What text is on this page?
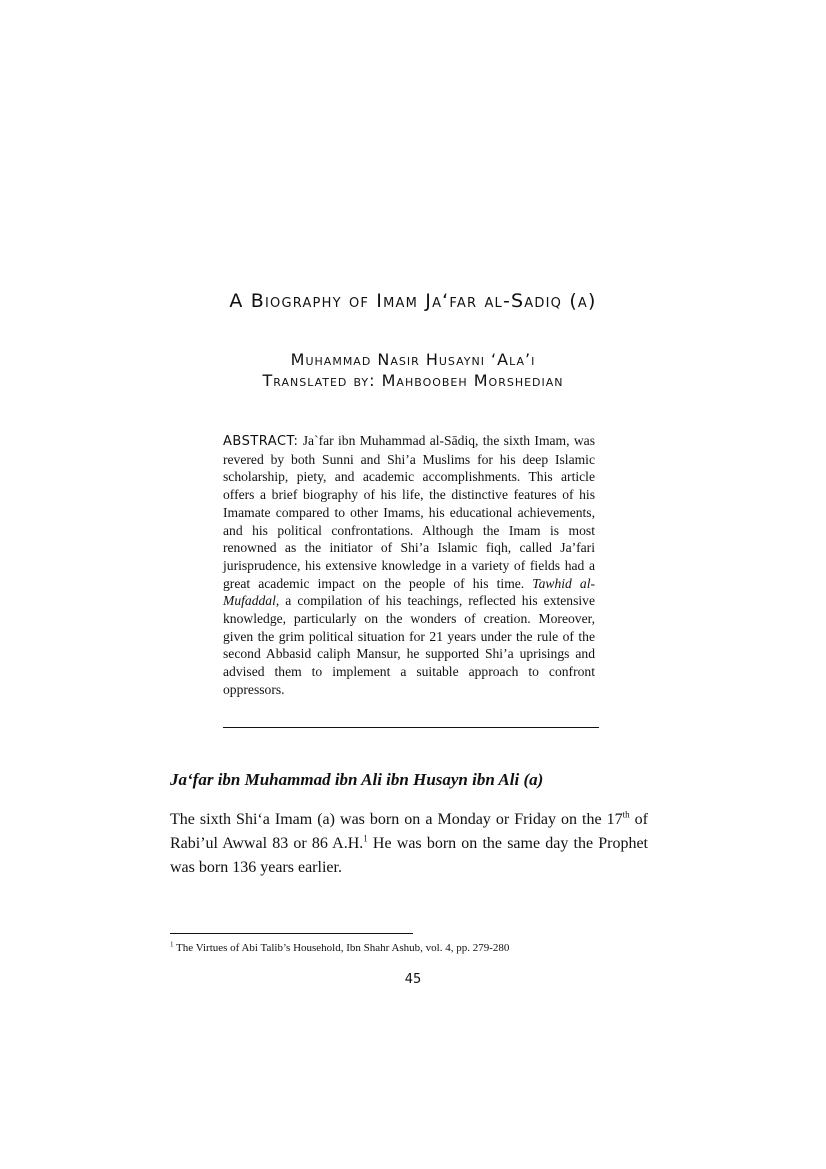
A Biography of Imam Ja‘far al-Sadiq (a)
Muhammad Nasir Husayni ‘Ala’i
Translated by: Mahboobeh Morshedian

ABSTRACT: Ja`far ibn Muhammad al-Sādiq, the sixth Imam, was revered by both Sunni and Shi’a Muslims for his deep Islamic scholarship, piety, and academic accomplishments. This article offers a brief biography of his life, the distinctive features of his Imamate compared to other Imams, his educational achievements, and his political confrontations. Although the Imam is most renowned as the initiator of Shi’a Islamic fiqh, called Ja’fari jurisprudence, his extensive knowledge in a variety of fields had a great academic impact on the people of his time. Tawhid al-Mufaddal, a compilation of his teachings, reflected his extensive knowledge, particularly on the wonders of creation. Moreover, given the grim political situation for 21 years under the rule of the second Abbasid caliph Mansur, he supported Shi’a uprisings and advised them to implement a suitable approach to confront oppressors.

Ja‘far ibn Muhammad ibn Ali ibn Husayn ibn Ali (a)

The sixth Shi‘a Imam (a) was born on a Monday or Friday on the 17th of Rabi’ul Awwal 83 or 86 A.H.$^1$ He was born on the same day the Prophet was born 136 years earlier.

$^1$ The Virtues of Abi Talib’s Household, Ibn Shahr Ashub, vol. 4, pp. 279-280

45
